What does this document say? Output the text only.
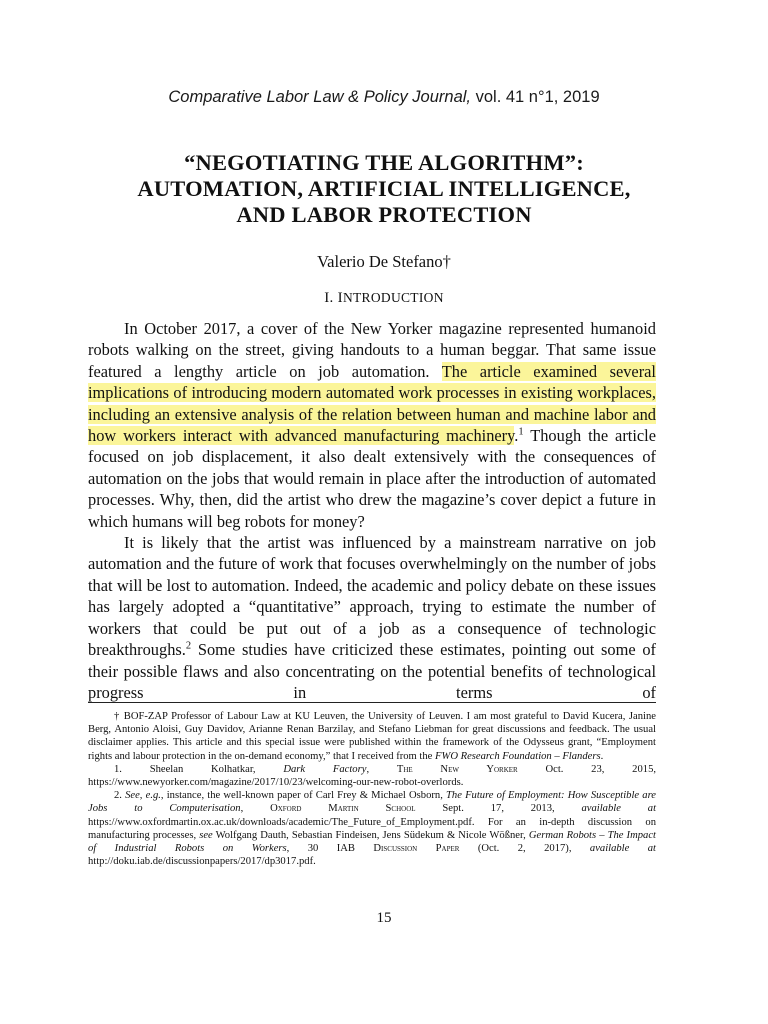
Comparative Labor Law & Policy Journal, vol. 41 n°1, 2019
“NEGOTIATING THE ALGORITHM”:
AUTOMATION, ARTIFICIAL INTELLIGENCE,
AND LABOR PROTECTION
Valerio De Stefano†
I. INTRODUCTION

In October 2017, a cover of the New Yorker magazine represented humanoid robots walking on the street, giving handouts to a human beggar. That same issue featured a lengthy article on job automation. The article examined several implications of introducing modern automated work processes in existing workplaces, including an extensive analysis of the relation between human and machine labor and how workers interact with advanced manufacturing machinery.$^1$ Though the article focused on job displacement, it also dealt extensively with the consequences of automation on the jobs that would remain in place after the introduction of automated processes. Why, then, did the artist who drew the magazine’s cover depict a future in which humans will beg robots for money?

It is likely that the artist was influenced by a mainstream narrative on job automation and the future of work that focuses overwhelmingly on the number of jobs that will be lost to automation. Indeed, the academic and policy debate on these issues has largely adopted a “quantitative” approach, trying to estimate the number of workers that could be put out of a job as a consequence of technologic breakthroughs.$^2$ Some studies have criticized these estimates, pointing out some of their possible flaws and also concentrating on the potential benefits of technological progress in terms of

† BOF-ZAP Professor of Labour Law at KU Leuven, the University of Leuven. I am most grateful to David Kucera, Janine Berg, Antonio Aloisi, Guy Davidov, Arianne Renan Barzilay, and Stefano Liebman for great discussions and feedback. The usual disclaimer applies. This article and this special issue were published within the framework of the Odysseus grant, “Employment rights and labour protection in the on-demand economy,” that I received from the FWO Research Foundation – Flanders.

1. Sheelan Kolhatkar, Dark Factory, The New Yorker Oct. 23, 2015, https://www.newyorker.com/magazine/2017/10/23/welcoming-our-new-robot-overlords.

2. See, e.g., instance, the well-known paper of Carl Frey & Michael Osborn, The Future of Employment: How Susceptible are Jobs to Computerisation, Oxford Martin School Sept. 17, 2013, available at https://www.oxfordmartin.ox.ac.uk/downloads/academic/The_Future_of_Employment.pdf. For an in-depth discussion on manufacturing processes, see Wolfgang Dauth, Sebastian Findeisen, Jens Südekum & Nicole Wößner, German Robots – The Impact of Industrial Robots on Workers, 30 IAB Discussion Paper (Oct. 2, 2017), available at http://doku.iab.de/discussionpapers/2017/dp3017.pdf.

15
